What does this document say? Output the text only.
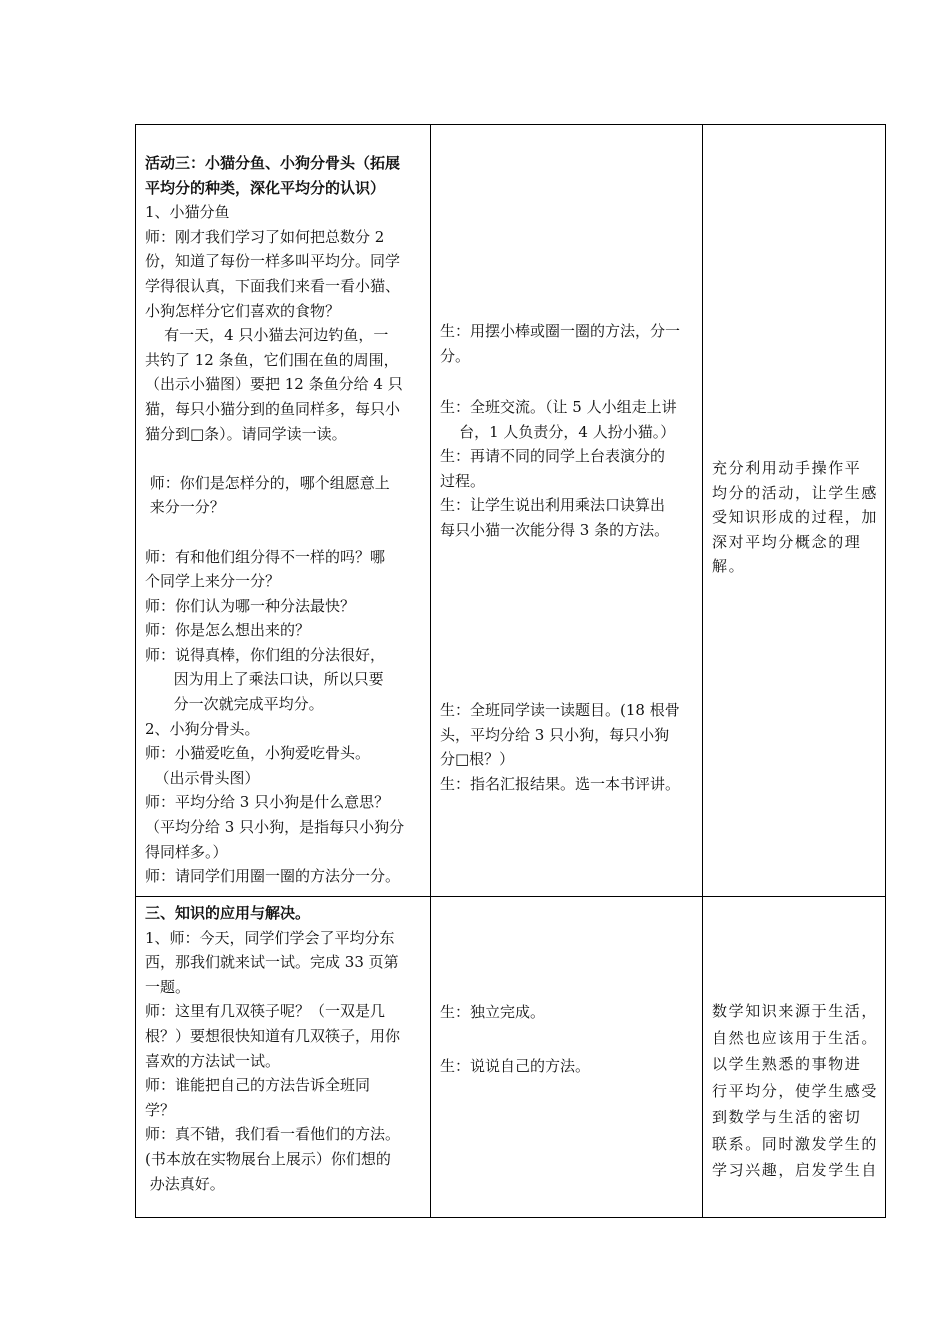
活动三：小猫分鱼、小狗分骨头（拓展
平均分的种类，深化平均分的认识）
1、小猫分鱼
师：刚才我们学习了如何把总数分 2
份，知道了每份一样多叫平均分。同学
学得很认真，下面我们来看一看小猫、
小狗怎样分它们喜欢的食物？
有一天，4 只小猫去河边钓鱼，一
共钓了 12 条鱼，它们围在鱼的周围，
（出示小猫图）要把 12 条鱼分给 4 只
猫，每只小猫分到的鱼同样多，每只小
猫分到□条）。请同学读一读。

师：你们是怎样分的，哪个组愿意上
来分一分？

师：有和他们组分得不一样的吗？哪
个同学上来分一分？
师：你们认为哪一种分法最快？
师：你是怎么想出来的？
师：说得真棒，你们组的分法很好，
因为用上了乘法口诀，所以只要
分一次就完成平均分。
2、小狗分骨头。
师：小猫爱吃鱼，小狗爱吃骨头。
（出示骨头图）
师：平均分给 3 只小狗是什么意思？
（平均分给 3 只小狗，是指每只小狗分
得同样多。）
师：请同学们用圈一圈的方法分一分。
生：用摆小棒或圈一圈的方法，分一
分。
生：全班交流。（让 5 人小组走上讲
台，1 人负责分，4 人扮小猫。）
生：再请不同的同学上台表演分的
过程。
生：让学生说出利用乘法口诀算出
每只小猫一次能分得 3 条的方法。
生：全班同学读一读题目。(18 根骨
头，平均分给 3 只小狗，每只小狗
分□根？）
生：指名汇报结果。选一本书评讲。
充分利用动手操作平
均分的活动，让学生感
受知识形成的过程，加
深对平均分概念的理
解。
三、知识的应用与解决。
1、师：今天，同学们学会了平均分东
西，那我们就来试一试。完成 33 页第
一题。
师：这里有几双筷子呢？（一双是几
根？）要想很快知道有几双筷子，用你
喜欢的方法试一试。
师：谁能把自己的方法告诉全班同
学？
师：真不错，我们看一看他们的方法。
(书本放在实物展台上展示）你们想的
办法真好。
生：独立完成。
生：说说自己的方法。
数学知识来源于生活，
自然也应该用于生活。
以学生熟悉的事物进
行平均分，使学生感受
到数学与生活的密切
联系。同时激发学生的
学习兴趣，启发学生自
